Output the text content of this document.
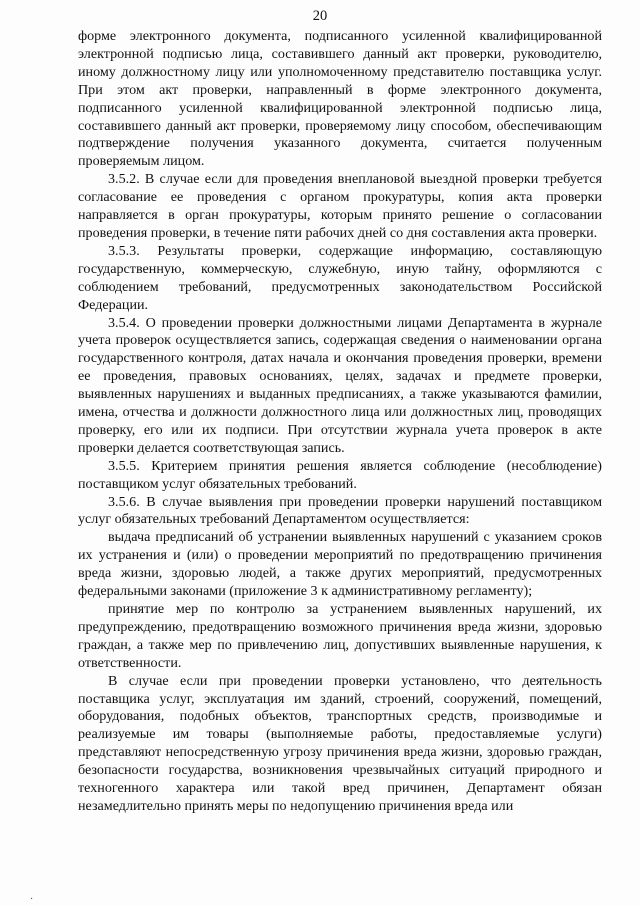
20

форме электронного документа, подписанного усиленной квалифицированной электронной подписью лица, составившего данный акт проверки, руководителю, иному должностному лицу или уполномоченному представителю поставщика услуг. При этом акт проверки, направленный в форме электронного документа, подписанного усиленной квалифицированной электронной подписью лица, составившего данный акт проверки, проверяемому лицу способом, обеспечивающим подтверждение получения указанного документа, считается полученным проверяемым лицом.

3.5.2. В случае если для проведения внеплановой выездной проверки требуется согласование ее проведения с органом прокуратуры, копия акта проверки направляется в орган прокуратуры, которым принято решение о согласовании проведения проверки, в течение пяти рабочих дней со дня составления акта проверки.

3.5.3. Результаты проверки, содержащие информацию, составляющую государственную, коммерческую, служебную, иную тайну, оформляются с соблюдением требований, предусмотренных законодательством Российской Федерации.

3.5.4. О проведении проверки должностными лицами Департамента в журнале учета проверок осуществляется запись, содержащая сведения о наименовании органа государственного контроля, датах начала и окончания проведения проверки, времени ее проведения, правовых основаниях, целях, задачах и предмете проверки, выявленных нарушениях и выданных предписаниях, а также указываются фамилии, имена, отчества и должности должностного лица или должностных лиц, проводящих проверку, его или их подписи. При отсутствии журнала учета проверок в акте проверки делается соответствующая запись.

3.5.5. Критерием принятия решения является соблюдение (несоблюдение) поставщиком услуг обязательных требований.

3.5.6. В случае выявления при проведении проверки нарушений поставщиком услуг обязательных требований Департаментом осуществляется:

выдача предписаний об устранении выявленных нарушений с указанием сроков их устранения и (или) о проведении мероприятий по предотвращению причинения вреда жизни, здоровью людей, а также других мероприятий, предусмотренных федеральными законами (приложение 3 к административному регламенту);

принятие мер по контролю за устранением выявленных нарушений, их предупреждению, предотвращению возможного причинения вреда жизни, здоровью граждан, а также мер по привлечению лиц, допустивших выявленные нарушения, к ответственности.

В случае если при проведении проверки установлено, что деятельность поставщика услуг, эксплуатация им зданий, строений, сооружений, помещений, оборудования, подобных объектов, транспортных средств, производимые и реализуемые им товары (выполняемые работы, предоставляемые услуги) представляют непосредственную угрозу причинения вреда жизни, здоровью граждан, безопасности государства, возникновения чрезвычайных ситуаций природного и техногенного характера или такой вред причинен, Департамент обязан незамедлительно принять меры по недопущению причинения вреда или

.
